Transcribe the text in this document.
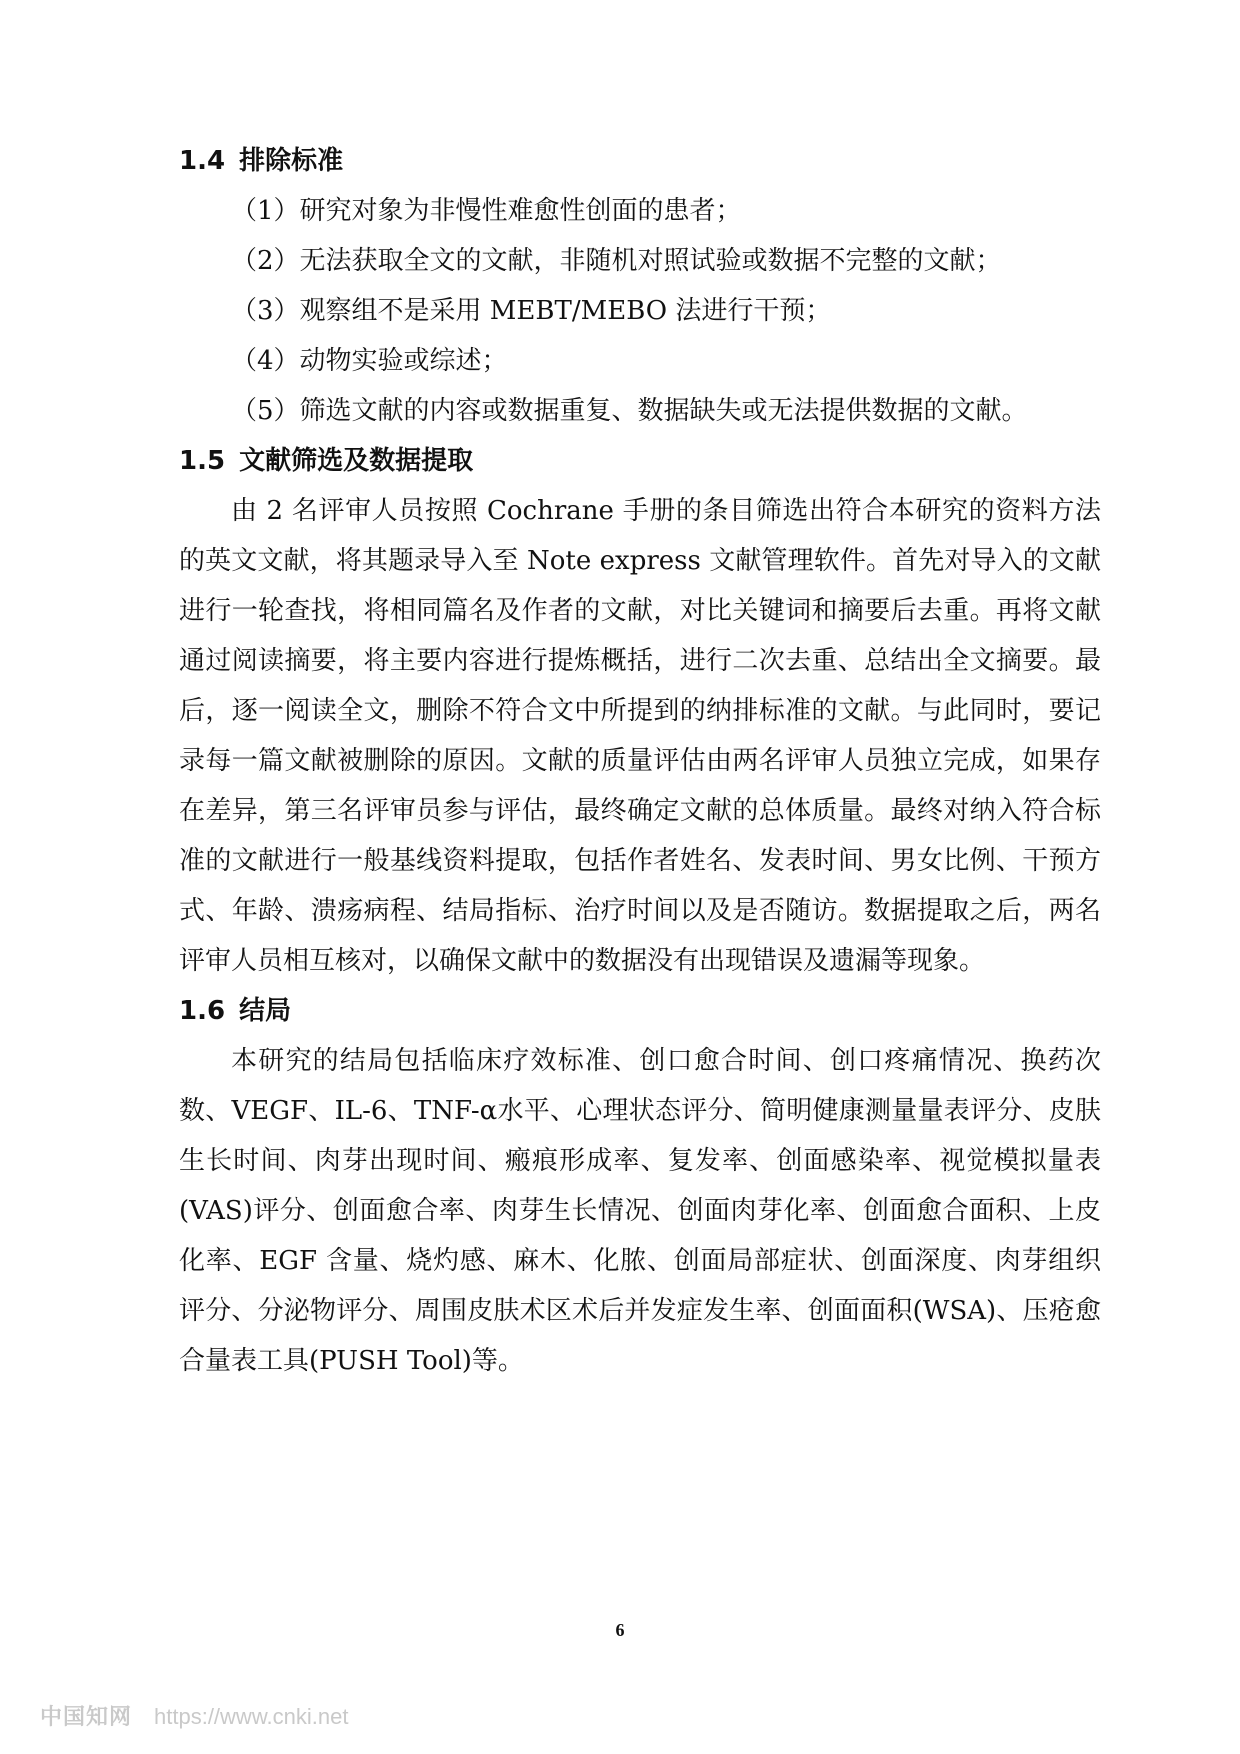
1.4 排除标准
（1）研究对象为非慢性难愈性创面的患者；
（2）无法获取全文的文献，非随机对照试验或数据不完整的文献；
（3）观察组不是采用 MEBT/MEBO 法进行干预；
（4）动物实验或综述；
（5）筛选文献的内容或数据重复、数据缺失或无法提供数据的文献。
1.5 文献筛选及数据提取

由 2 名评审人员按照 Cochrane 手册的条目筛选出符合本研究的资料方法的英文文献，将其题录导入至 Note express 文献管理软件。首先对导入的文献进行一轮查找，将相同篇名及作者的文献，对比关键词和摘要后去重。再将文献通过阅读摘要，将主要内容进行提炼概括，进行二次去重、总结出全文摘要。最后，逐一阅读全文，删除不符合文中所提到的纳排标准的文献。与此同时，要记录每一篇文献被删除的原因。文献的质量评估由两名评审人员独立完成，如果存在差异，第三名评审员参与评估，最终确定文献的总体质量。最终对纳入符合标准的文献进行一般基线资料提取，包括作者姓名、发表时间、男女比例、干预方式、年龄、溃疡病程、结局指标、治疗时间以及是否随访。数据提取之后，两名评审人员相互核对，以确保文献中的数据没有出现错误及遗漏等现象。

1.6 结局

本研究的结局包括临床疗效标准、创口愈合时间、创口疼痛情况、换药次数、VEGF、IL-6、TNF-α水平、心理状态评分、简明健康测量量表评分、皮肤生长时间、肉芽出现时间、瘢痕形成率、复发率、创面感染率、视觉模拟量表(VAS)评分、创面愈合率、肉芽生长情况、创面肉芽化率、创面愈合面积、上皮化率、EGF 含量、烧灼感、麻木、化脓、创面局部症状、创面深度、肉芽组织评分、分泌物评分、周围皮肤术区术后并发症发生率、创面面积(WSA)、压疮愈合量表工具(PUSH Tool)等。

6
中国知网 https://www.cnki.net
